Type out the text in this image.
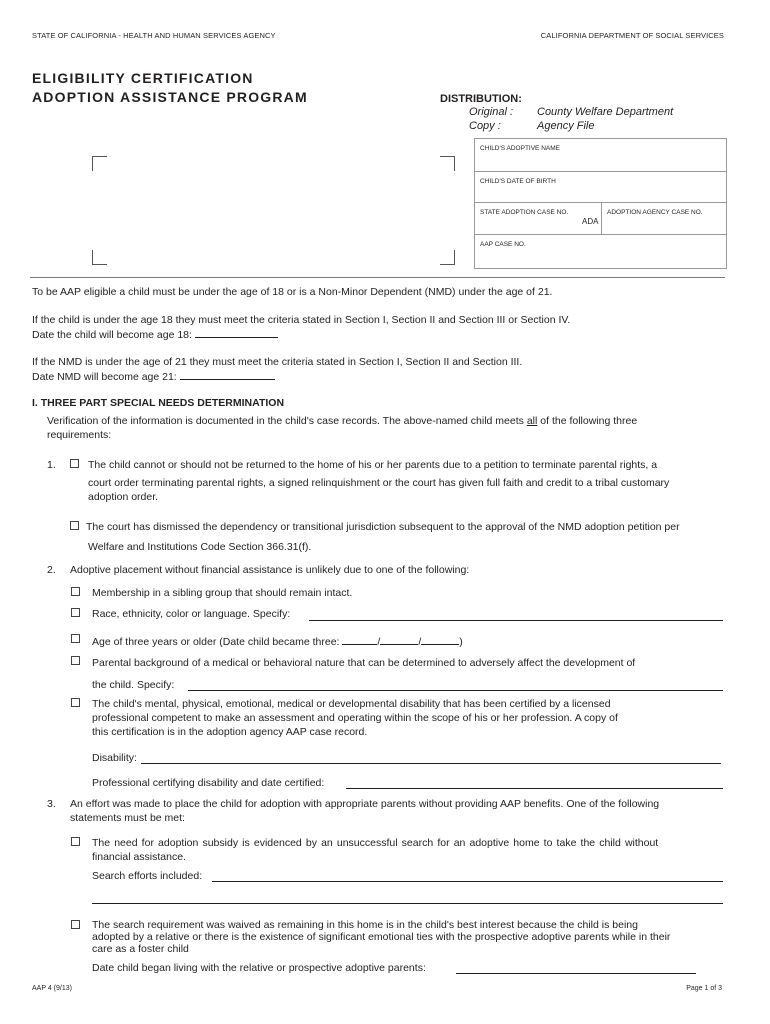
STATE OF CALIFORNIA - HEALTH AND HUMAN SERVICES AGENCY	CALIFORNIA DEPARTMENT OF SOCIAL SERVICES
ELIGIBILITY CERTIFICATION
ADOPTION ASSISTANCE PROGRAM	DISTRIBUTION:
Original : County Welfare Department
Copy :	Agency File
CHILD'S ADOPTIVE NAME
CHILD'S DATE OF BIRTH
STATE ADOPTION CASE NO.
ADA
ADOPTION AGENCY CASE NO.
AAP CASE NO.
To be AAP eligible a child must be under the age of 18 or is a Non-Minor Dependent (NMD) under the age of 21.
If the child is under the age 18 they must meet the criteria stated in Section I, Section II and Section III or Section IV.
Date the child will become age 18:
If the NMD is under the age of 21 they must meet the criteria stated in Section I, Section II and Section III.
Date NMD will become age 21:
I. THREE PART SPECIAL NEEDS DETERMINATION
Verification of the information is documented in the child's case records. The above-named child meets all of the following three
requirements:
1.	The child cannot or should not be returned to the home of his or her parents due to a petition to terminate parental rights, a
court order terminating parental rights, a signed relinquishment or the court has given full faith and credit to a tribal customary
adoption order.
The court has dismissed the dependency or transitional jurisdiction subsequent to the approval of the NMD adoption petition per
Welfare and Institutions Code Section 366.31(f).
2. Adoptive placement without financial assistance is unlikely due to one of the following:
Membership in a sibling group that should remain intact.
Race, ethnicity, color or language. Specify:
Age of three years or older (Date child became three:	/	/	)
Parental background of a medical or behavioral nature that can be determined to adversely affect the development of
the child. Specify:
The child's mental, physical, emotional, medical or developmental disability that has been certified by a licensed
professional competent to make an assessment and operating within the scope of his or her profession. A copy of
this certification is in the adoption agency AAP case record.
Disability:
Professional certifying disability and date certified:
3. An effort was made to place the child for adoption with appropriate parents without providing AAP benefits. One of the following
statements must be met:
The need for adoption subsidy is evidenced by an unsuccessful search for an adoptive home to take the child without
financial assistance.
Search efforts included:
The search requirement was waived as remaining in this home is in the child's best interest because the child is being
adopted by a relative or there is the existence of significant emotional ties with the prospective adoptive parents while in their
care as a foster child
Date child began living with the relative or prospective adoptive parents:
AAP 4 (9/13)	Page 1 of 3
